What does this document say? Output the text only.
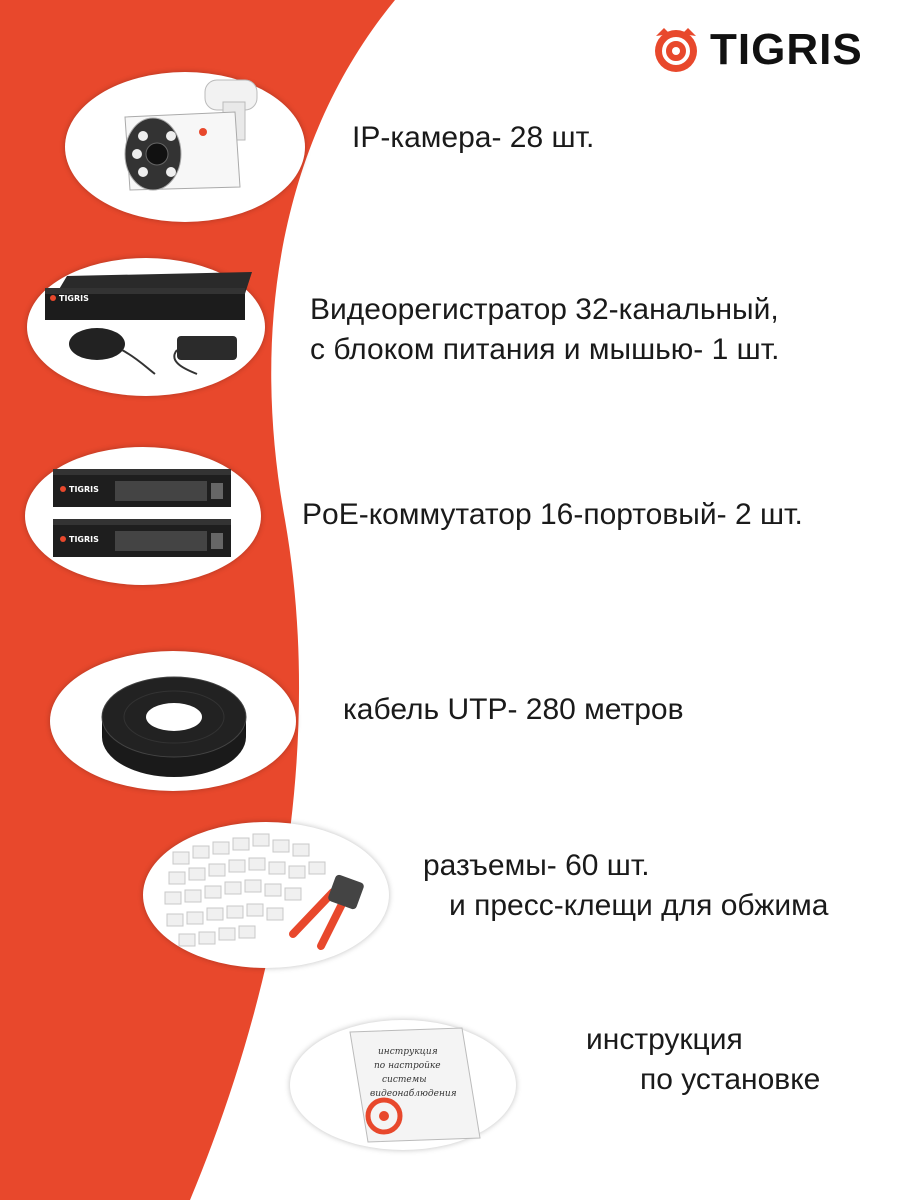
TIGRIS
IP-камера- 28 шт.
TIGRIS	Видеорегистратор 32-канальный,
с блоком питания и мышью- 1 шт.
TIGRIS
TIGRIS
PoE-коммутатор 16-портовый- 2 шт.
кабель UTP- 280 метров
разъемы- 60 шт.
и пресс-клещи для обжима
инструкция
по настройке
системы
видеонаблюдения
инструкция
по установке
